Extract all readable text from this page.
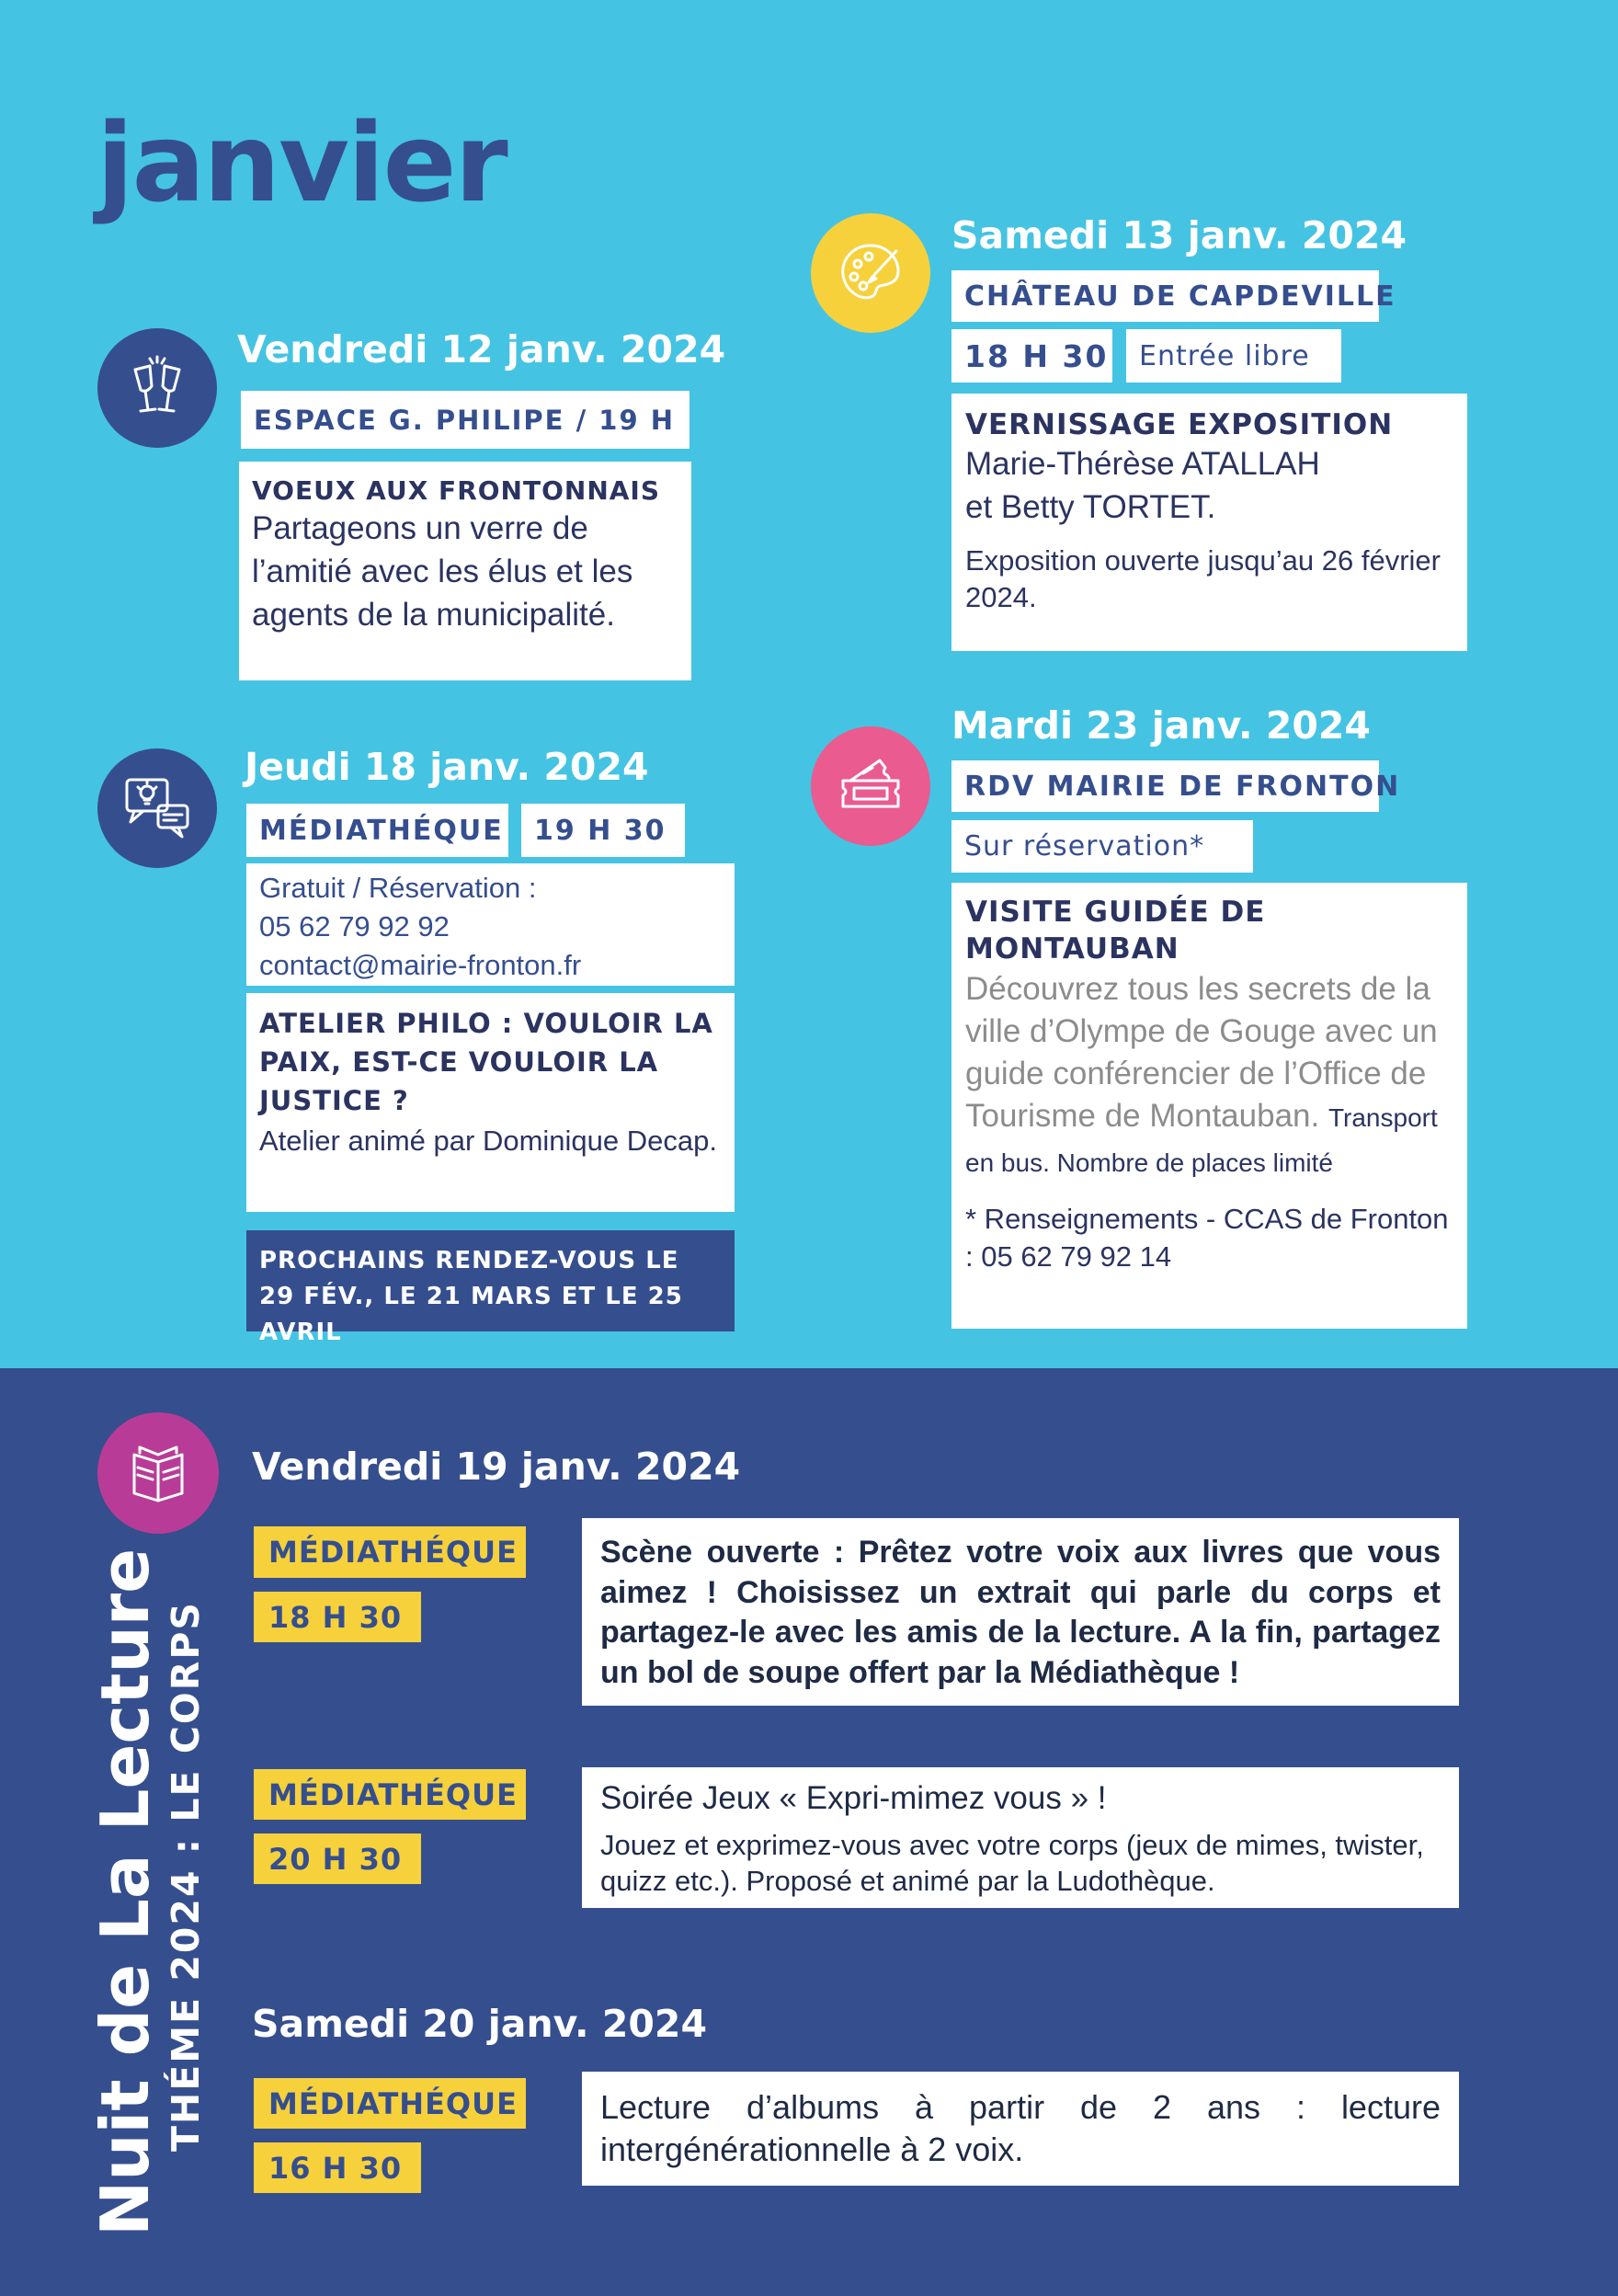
janvier
Vendredi 12 janv. 2024
ESPACE G. PHILIPE / 19 H
VOEUX AUX FRONTONNAIS
Partageons un verre de l’amitié avec les élus et les agents de la municipalité.
Jeudi 18 janv. 2024
MÉDIATHÉQUE	19 H 30
Gratuit / Réservation :
05 62 79 92 92
contact@mairie-fronton.fr
ATELIER PHILO : VOULOIR LA PAIX, EST-CE VOULOIR LA JUSTICE ?
Atelier animé par Dominique Decap.
PROCHAINS RENDEZ-VOUS LE 29 FÉV., LE 21 MARS ET LE 25 AVRIL
Samedi 13 janv. 2024
CHÂTEAU DE CAPDEVILLE
18 H 30	Entrée libre
VERNISSAGE EXPOSITION
Marie-Thérèse ATALLAH
et Betty TORTET.
Exposition ouverte jusqu’au 26 février 2024.
Mardi 23 janv. 2024
RDV MAIRIE DE FRONTON
Sur réservation*
VISITE GUIDÉE DE MONTAUBAN
Découvrez tous les secrets de la ville d’Olympe de Gouge avec un guide conférencier de l’Office de Tourisme de Montauban. Transport en bus. Nombre de places limité
* Renseignements - CCAS de Fronton : 05 62 79 92 14
Nuit de La Lecture THÉME 2024 : LE CORPS
Vendredi 19 janv. 2024
MÉDIATHÉQUE
18 H 30
Scène ouverte : Prêtez votre voix aux livres que vous aimez ! Choisissez un extrait qui parle du corps et partagez-le avec les amis de la lecture. A la fin, partagez un bol de soupe offert par la Médiathèque !
MÉDIATHÉQUE
20 H 30
Soirée Jeux « Expri-mimez vous » !
Jouez et exprimez-vous avec votre corps (jeux de mimes, twister, quizz etc.). Proposé et animé par la Ludothèque.
Samedi 20 janv. 2024
MÉDIATHÉQUE
16 H 30
Lecture d’albums à partir de 2 ans : lecture intergénérationnelle à 2 voix.
